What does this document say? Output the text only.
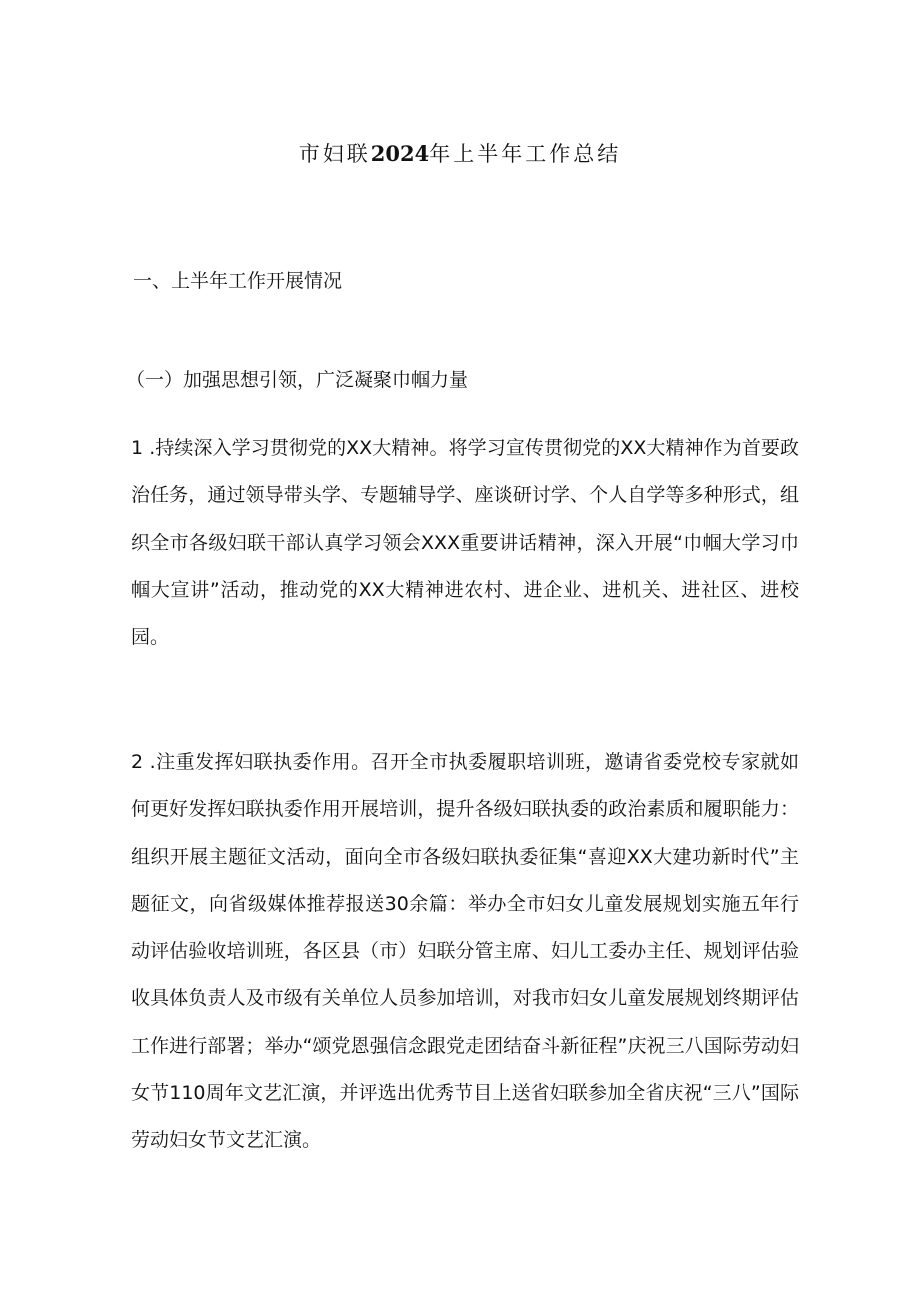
市妇联2024年上半年工作总结
一、上半年工作开展情况
（一）加强思想引领，广泛凝聚巾帼力量

1 .持续深入学习贯彻党的XX大精神。将学习宣传贯彻党的XX大精神作为首要政治任务，通过领导带头学、专题辅导学、座谈研讨学、个人自学等多种形式，组织全市各级妇联干部认真学习领会XXX重要讲话精神，深入开展“巾帼大学习巾帼大宣讲”活动，推动党的XX大精神进农村、进企业、进机关、进社区、进校园。

2 .注重发挥妇联执委作用。召开全市执委履职培训班，邀请省委党校专家就如何更好发挥妇联执委作用开展培训，提升各级妇联执委的政治素质和履职能力：组织开展主题征文活动，面向全市各级妇联执委征集“喜迎XX大建功新时代”主题征文，向省级媒体推荐报送30余篇：举办全市妇女儿童发展规划实施五年行动评估验收培训班，各区县（市）妇联分管主席、妇儿工委办主任、规划评估验收具体负责人及市级有关单位人员参加培训，对我市妇女儿童发展规划终期评估工作进行部署；举办“颂党恩强信念跟党走团结奋斗新征程”庆祝三八国际劳动妇女节110周年文艺汇演，并评选出优秀节目上送省妇联参加全省庆祝“三八”国际劳动妇女节文艺汇演。
